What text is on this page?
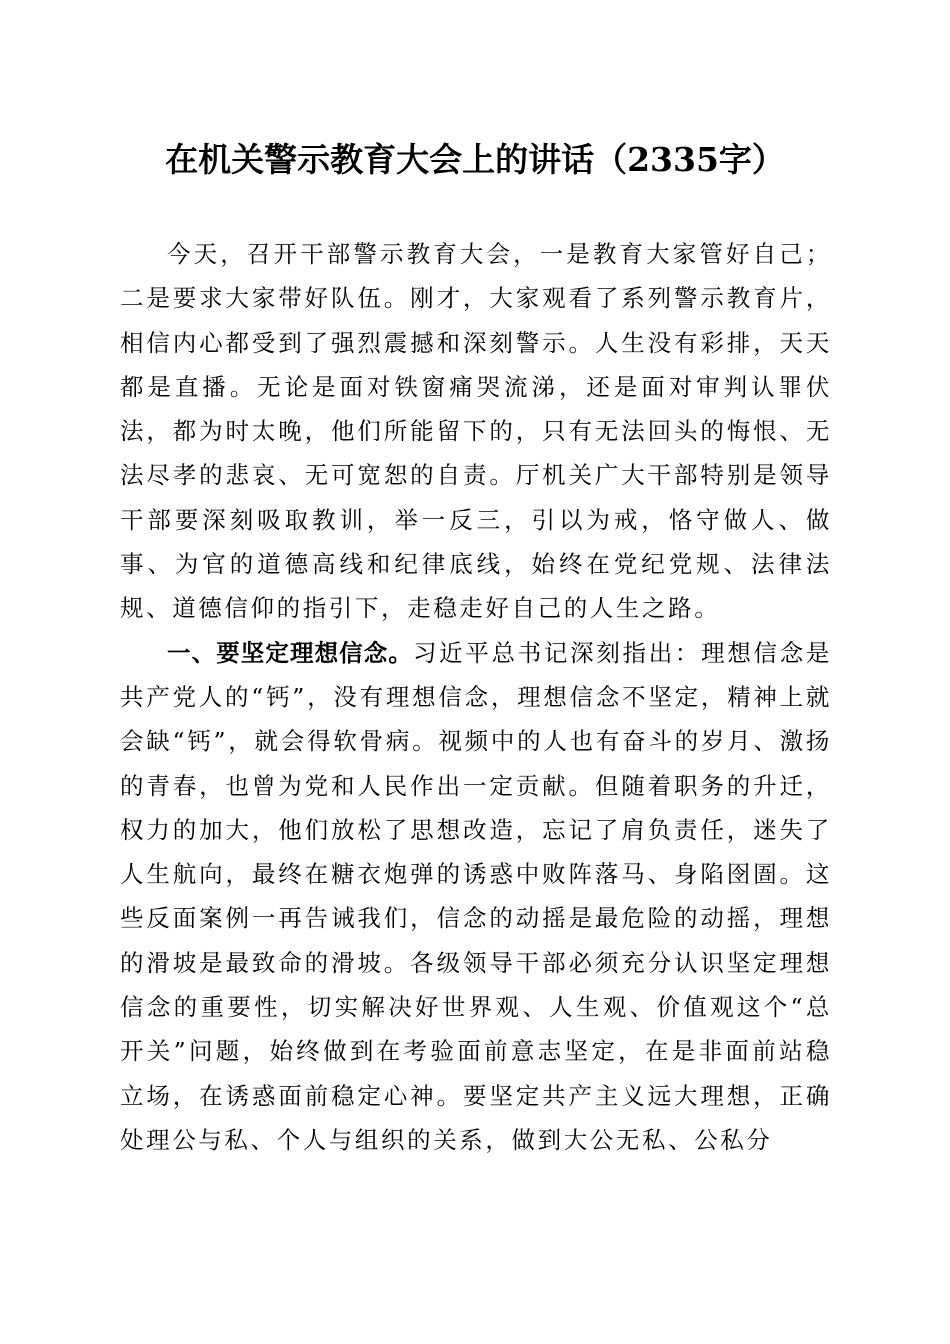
在机关警示教育大会上的讲话（2335字）

今天，召开干部警示教育大会，一是教育大家管好自己；二是要求大家带好队伍。刚才，大家观看了系列警示教育片，相信内心都受到了强烈震撼和深刻警示。人生没有彩排，天天都是直播。无论是面对铁窗痛哭流涕，还是面对审判认罪伏法，都为时太晚，他们所能留下的，只有无法回头的悔恨、无法尽孝的悲哀、无可宽恕的自责。厅机关广大干部特别是领导干部要深刻吸取教训，举一反三，引以为戒，恪守做人、做事、为官的道德高线和纪律底线，始终在党纪党规、法律法规、道德信仰的指引下，走稳走好自己的人生之路。

一、要坚定理想信念。习近平总书记深刻指出：理想信念是共产党人的“钙”，没有理想信念，理想信念不坚定，精神上就会缺“钙”，就会得软骨病。视频中的人也有奋斗的岁月、激扬的青春，也曾为党和人民作出一定贡献。但随着职务的升迁，权力的加大，他们放松了思想改造，忘记了肩负责任，迷失了人生航向，最终在糖衣炮弹的诱惑中败阵落马、身陷囹圄。这些反面案例一再告诫我们，信念的动摇是最危险的动摇，理想的滑坡是最致命的滑坡。各级领导干部必须充分认识坚定理想信念的重要性，切实解决好世界观、人生观、价值观这个“总开关”问题，始终做到在考验面前意志坚定，在是非面前站稳立场，在诱惑面前稳定心神。要坚定共产主义远大理想，正确处理公与私、个人与组织的关系，做到大公无私、公私分
